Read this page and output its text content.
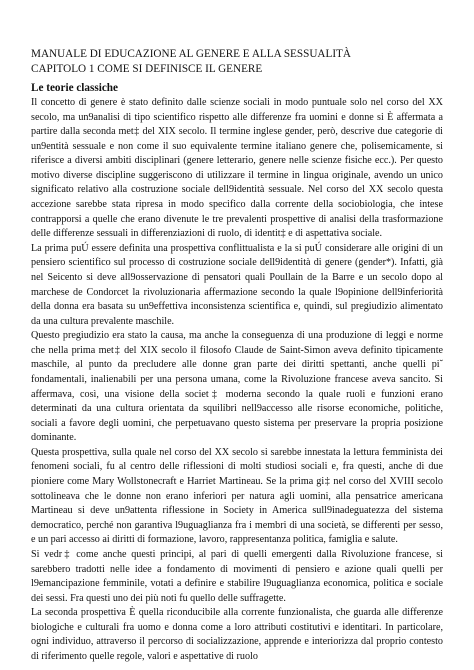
MANUALE DI EDUCAZIONE AL GENERE E ALLA SESSUALITÀ
CAPITOLO 1 COME SI DEFINISCE IL GENERE
Le teorie classiche

Il concetto di genere è stato definito dalle scienze sociali in modo puntuale solo nel corso del XX secolo, ma un9analisi di tipo scientifico rispetto alle differenze fra uomini e donne si È affermata a partire dalla seconda met‡ del XIX secolo. Il termine inglese gender, però, descrive due categorie di un9entità sessuale e non come il suo equivalente termine italiano genere che, polisemicamente, si riferisce a diversi ambiti disciplinari (genere letterario, genere nelle scienze fisiche ecc.). Per questo motivo diverse discipline suggeriscono di utilizzare il termine in lingua originale, avendo un unico significato relativo alla costruzione sociale dell9identità sessuale. Nel corso del XX secolo questa accezione sarebbe stata ripresa in modo specifico dalla corrente della sociobiologia, che intese contrapporsi a quelle che erano divenute le tre prevalenti prospettive di analisi della trasformazione delle differenze sessuali in differenziazioni di ruolo, di identit‡ e di aspettativa sociale.

La prima puÚ essere definita una prospettiva conflittualista e la si puÚ considerare alle origini di un pensiero scientifico sul processo di costruzione sociale dell9identità di genere (gender*). Infatti, già nel Seicento si deve all9osservazione di pensatori quali Poullain de la Barre e un secolo dopo al marchese de Condorcet la rivoluzionaria affermazione secondo la quale l9opinione dell9inferiorità della donna era basata su un9effettiva inconsistenza scientifica e, quindi, sul pregiudizio alimentato da una cultura prevalente maschile.

Questo pregiudizio era stato la causa, ma anche la conseguenza di una produzione di leggi e norme che nella prima met‡ del XIX secolo il filosofo Claude de Saint-Simon aveva definito tipicamente maschile, al punto da precludere alle donne gran parte dei diritti spettanti, anche quelli pi˘ fondamentali, inalienabili per una persona umana, come la Rivoluzione francese aveva sancito. Si affermava, così, una visione della societ‡ moderna secondo la quale ruoli e funzioni erano determinati da una cultura orientata da squilibri nell9accesso alle risorse economiche, politiche, sociali a favore degli uomini, che perpetuavano questo sistema per preservare la propria posizione dominante.

Questa prospettiva, sulla quale nel corso del XX secolo si sarebbe innestata la lettura femminista dei fenomeni sociali, fu al centro delle riflessioni di molti studiosi sociali e, fra questi, anche di due pioniere come Mary Wollstonecraft e Harriet Martineau. Se la prima gi‡ nel corso del XVIII secolo sottolineava che le donne non erano inferiori per natura agli uomini, alla pensatrice americana Martineau si deve un9attenta riflessione in Society in America sull9inadeguatezza del sistema democratico, perché non garantiva l9uguaglianza fra i membri di una società, se differenti per sesso, e un pari accesso ai diritti di formazione, lavoro, rappresentanza politica, famiglia e salute.

Si vedr‡ come anche questi principi, al pari di quelli emergenti dalla Rivoluzione francese, si sarebbero tradotti nelle idee a fondamento di movimenti di pensiero e azione quali quelli per l9emancipazione femminile, votati a definire e stabilire l9uguaglianza economica, politica e sociale dei sessi. Fra questi uno dei più noti fu quello delle suffragette.

La seconda prospettiva È quella riconducibile alla corrente funzionalista, che guarda alle differenze biologiche e culturali fra uomo e donna come a loro attributi costitutivi e identitari. In particolare, ogni individuo, attraverso il percorso di socializzazione, apprende e interiorizza dal proprio contesto di riferimento quelle regole, valori e aspettative di ruolo
